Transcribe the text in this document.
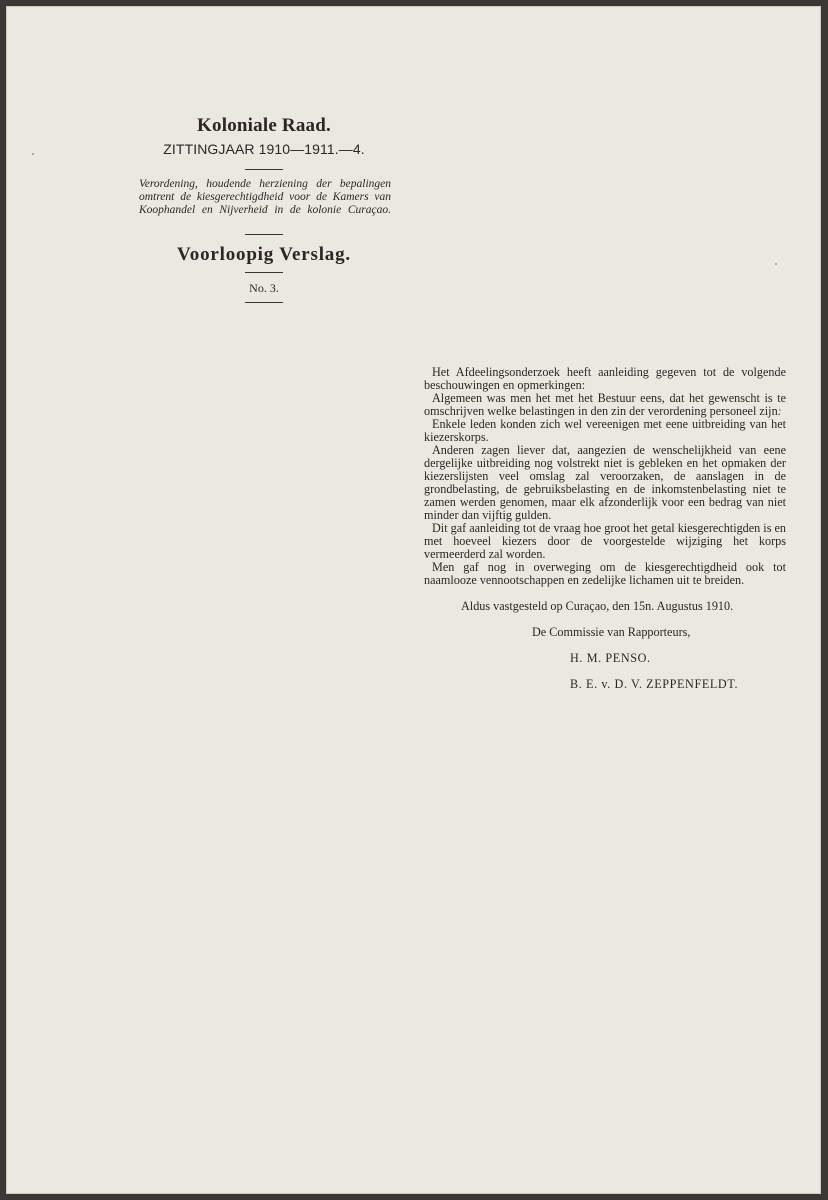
Koloniale Raad.

ZITTINGJAAR 1910—1911.—4.

Verordening, houdende herziening der bepalingen omtrent de kiesgerechtigdheid voor de Kamers van Koophandel en Nijverheid in de kolonie Curaçao.

Voorloopig Verslag.

No. 3.

Het Afdeelingsonderzoek heeft aanleiding gegeven tot de volgende beschouwingen en opmerkingen:

Algemeen was men het met het Bestuur eens, dat het gewenscht is te omschrijven welke belastingen in den zin der verordening personeel zijn.

Enkele leden konden zich wel vereenigen met eene uitbreiding van het kiezerskorps.

Anderen zagen liever dat, aangezien de wenschelijkheid van eene dergelijke uitbreiding nog volstrekt niet is gebleken en het opmaken der kiezerslijsten veel omslag zal veroorzaken, de aanslagen in de grondbelasting, de gebruiksbelasting en de inkomstenbelasting niet te zamen werden genomen, maar elk afzonderlijk voor een bedrag van niet minder dan vijftig gulden.

Dit gaf aanleiding tot de vraag hoe groot het getal kiesgerechtigden is en met hoeveel kiezers door de voorgestelde wijziging het korps vermeerderd zal worden.

Men gaf nog in overweging om de kiesgerechtigdheid ook tot naamlooze vennootschappen en zedelijke lichamen uit te breiden.

Aldus vastgesteld op Curaçao, den 15n. Augustus 1910.

De Commissie van Rapporteurs,

H. M. PENSO.

B. E. v. D. V. ZEPPENFELDT.
